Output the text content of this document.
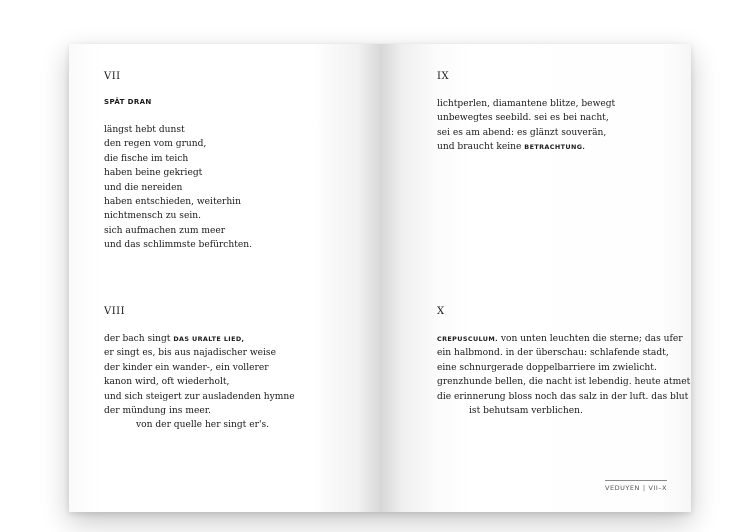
VII
SPÄT DRAN
längst hebt dunst
den regen vom grund,
die fische im teich
haben beine gekriegt
und die nereiden
haben entschieden, weiterhin
nichtmensch zu sein.
sich aufmachen zum meer
und das schlimmste befürchten.
VIII
der bach singt DAS URALTE LIED,
er singt es, bis aus najadischer weise
der kinder ein wander-, ein vollerer
kanon wird, oft wiederholt,
und sich steigert zur ausladenden hymne
der mündung ins meer.
von der quelle her singt er's.
IX
lichtperlen, diamantene blitze, bewegt
unbewegtes seebild. sei es bei nacht,
sei es am abend: es glänzt souverän,
und braucht keine BETRACHTUNG.
X
CREPUSCULUM. von unten leuchten die sterne; das ufer
ein halbmond. in der überschau: schlafende stadt,
eine schnurgerade doppelbarriere im zwielicht.
grenzhunde bellen, die nacht ist lebendig. heute atmet
die erinnerung bloss noch das salz in der luft. das blut
ist behutsam verblichen.
VEDUYEN | VII–X
